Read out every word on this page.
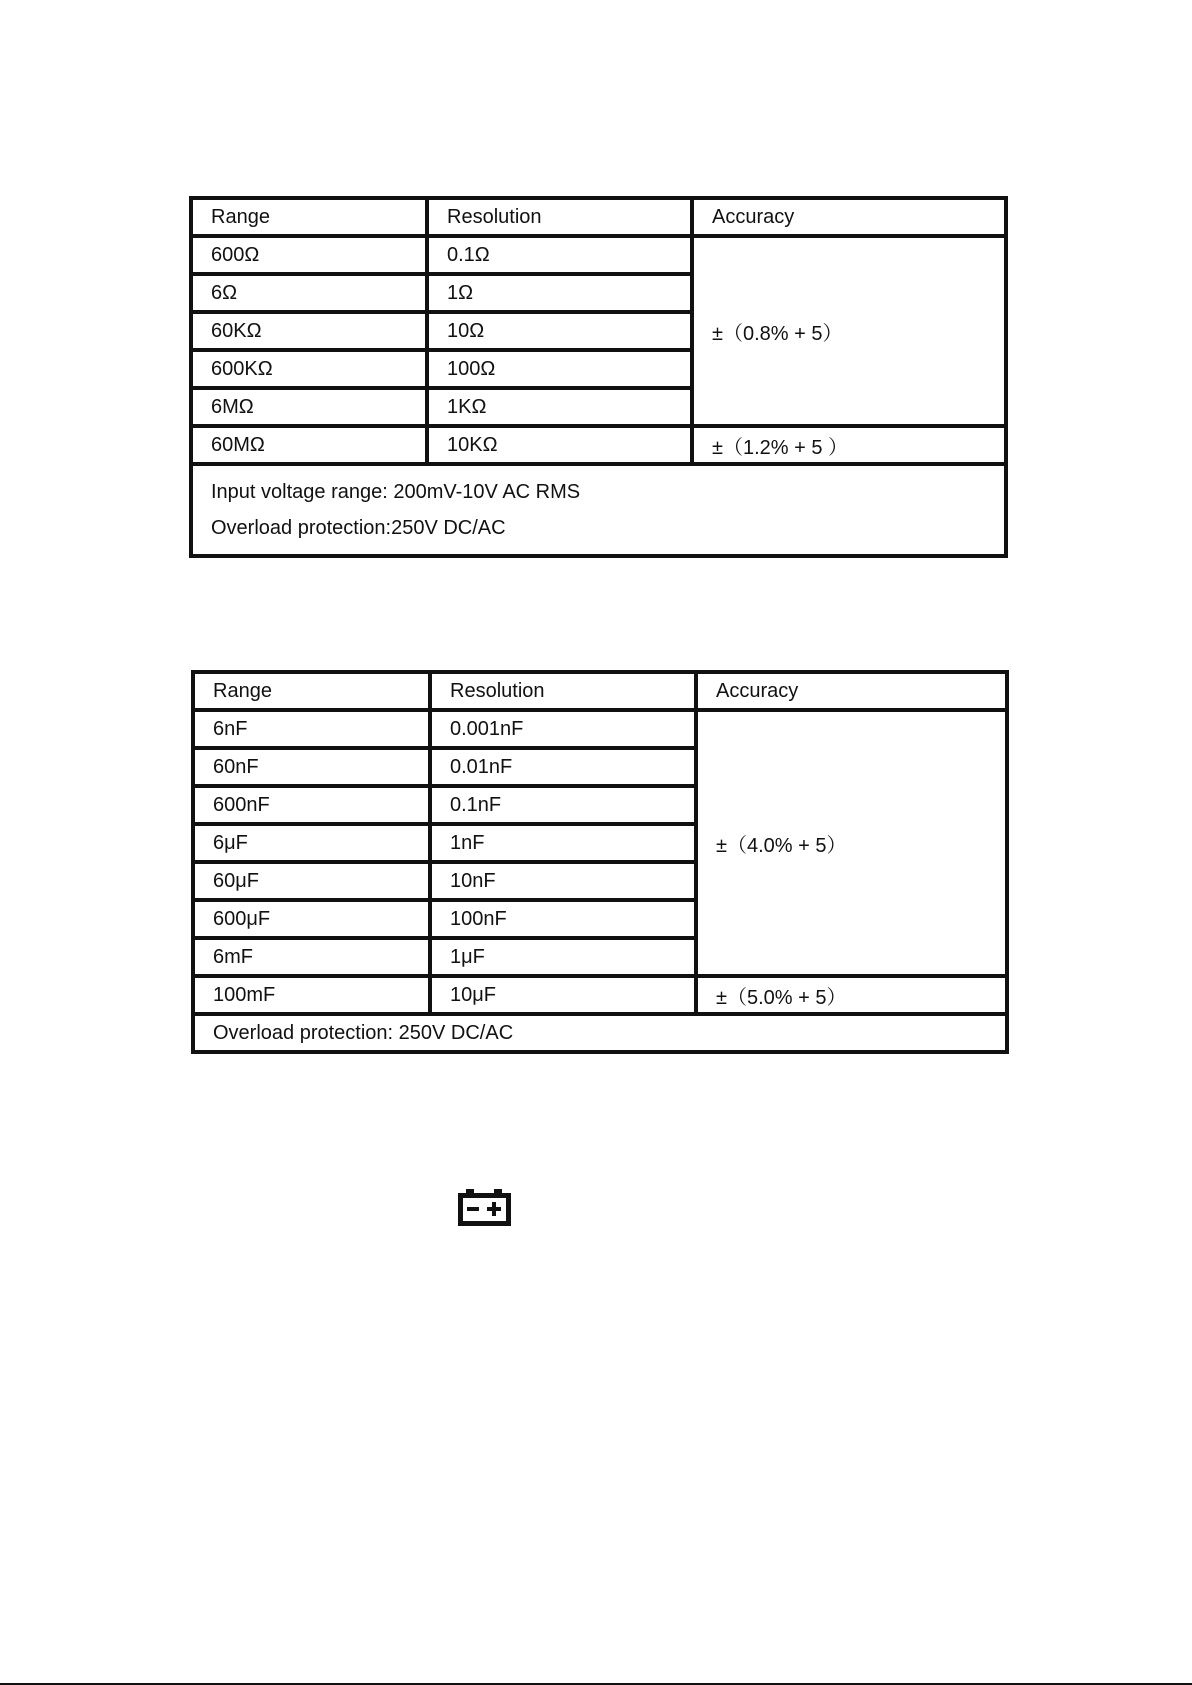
Range	Resolution	Accuracy
600Ω	0.1Ω	±（0.8% + 5）
6Ω	1Ω	
60KΩ	10Ω	
600KΩ	100Ω	
6MΩ	1KΩ	
60MΩ	10KΩ	±（1.2% + 5 ）

Input voltage range: 200mV-10V AC RMS
Overload protection:250V DC/AC		
Range	Resolution	Accuracy
6nF	0.001nF	±（4.0% + 5）
60nF	0.01nF	
600nF	0.1nF	
6μF	1nF	
60μF	10nF	
600μF	100nF	
6mF	1μF	
100mF	10μF	±（5.0% + 5）

Overload protection: 250V DC/AC		
